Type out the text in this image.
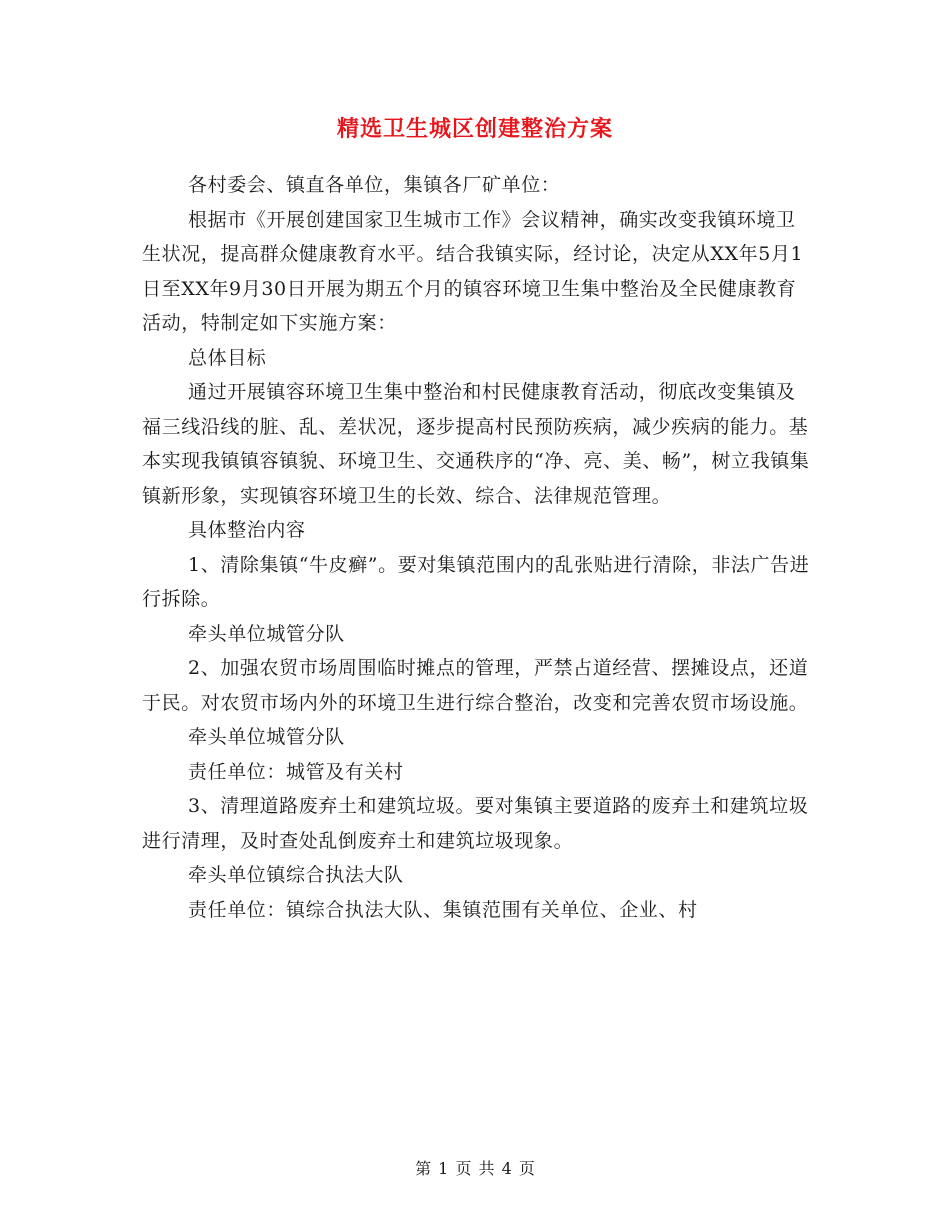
精选卫生城区创建整治方案

各村委会、镇直各单位，集镇各厂矿单位：

根据市《开展创建国家卫生城市工作》会议精神，确实改变我镇环境卫生状况，提高群众健康教育水平。结合我镇实际，经讨论，决定从XX年5月1日至XX年9月30日开展为期五个月的镇容环境卫生集中整治及全民健康教育活动，特制定如下实施方案：

总体目标

通过开展镇容环境卫生集中整治和村民健康教育活动，彻底改变集镇及福三线沿线的脏、乱、差状况，逐步提高村民预防疾病，减少疾病的能力。基本实现我镇镇容镇貌、环境卫生、交通秩序的“净、亮、美、畅”，树立我镇集镇新形象，实现镇容环境卫生的长效、综合、法律规范管理。

具体整治内容

1、清除集镇“牛皮癣”。要对集镇范围内的乱张贴进行清除，非法广告进行拆除。

牵头单位城管分队

2、加强农贸市场周围临时摊点的管理，严禁占道经营、摆摊设点，还道于民。对农贸市场内外的环境卫生进行综合整治，改变和完善农贸市场设施。

牵头单位城管分队

责任单位：城管及有关村

3、清理道路废弃土和建筑垃圾。要对集镇主要道路的废弃土和建筑垃圾进行清理，及时查处乱倒废弃土和建筑垃圾现象。

牵头单位镇综合执法大队

责任单位：镇综合执法大队、集镇范围有关单位、企业、村

第 1 页 共 4 页
